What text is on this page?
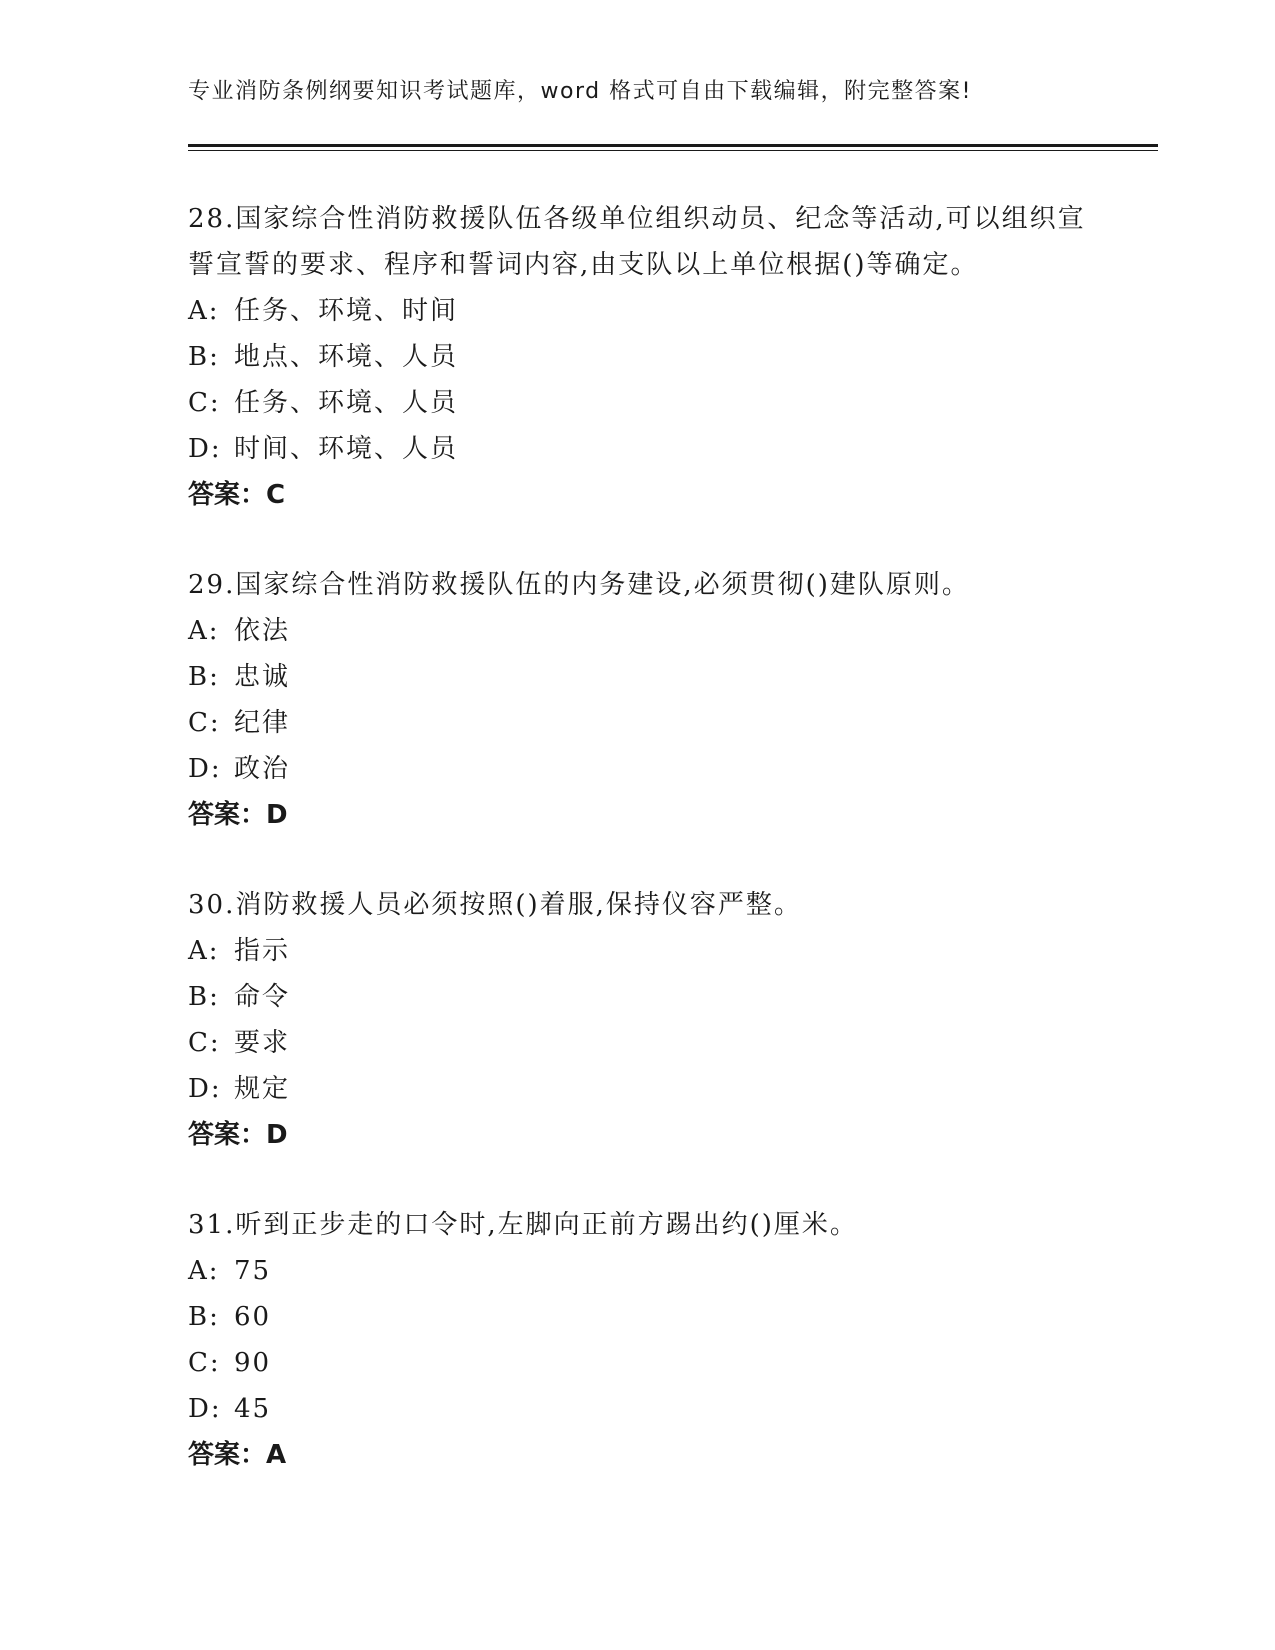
专业消防条例纲要知识考试题库，word 格式可自由下载编辑，附完整答案!

28.国家综合性消防救援队伍各级单位组织动员、纪念等活动,可以组织宣誓宣誓的要求、程序和誓词内容,由支队以上单位根据()等确定。

A: 任务、环境、时间

B: 地点、环境、人员

C: 任务、环境、人员

D: 时间、环境、人员

答案：C

29.国家综合性消防救援队伍的内务建设,必须贯彻()建队原则。

A: 依法

B: 忠诚

C: 纪律

D: 政治

答案：D

30.消防救援人员必须按照()着服,保持仪容严整。

A: 指示

B: 命令

C: 要求

D: 规定

答案：D

31.听到正步走的口令时,左脚向正前方踢出约()厘米。

A: 75

B: 60

C: 90

D: 45

答案：A
